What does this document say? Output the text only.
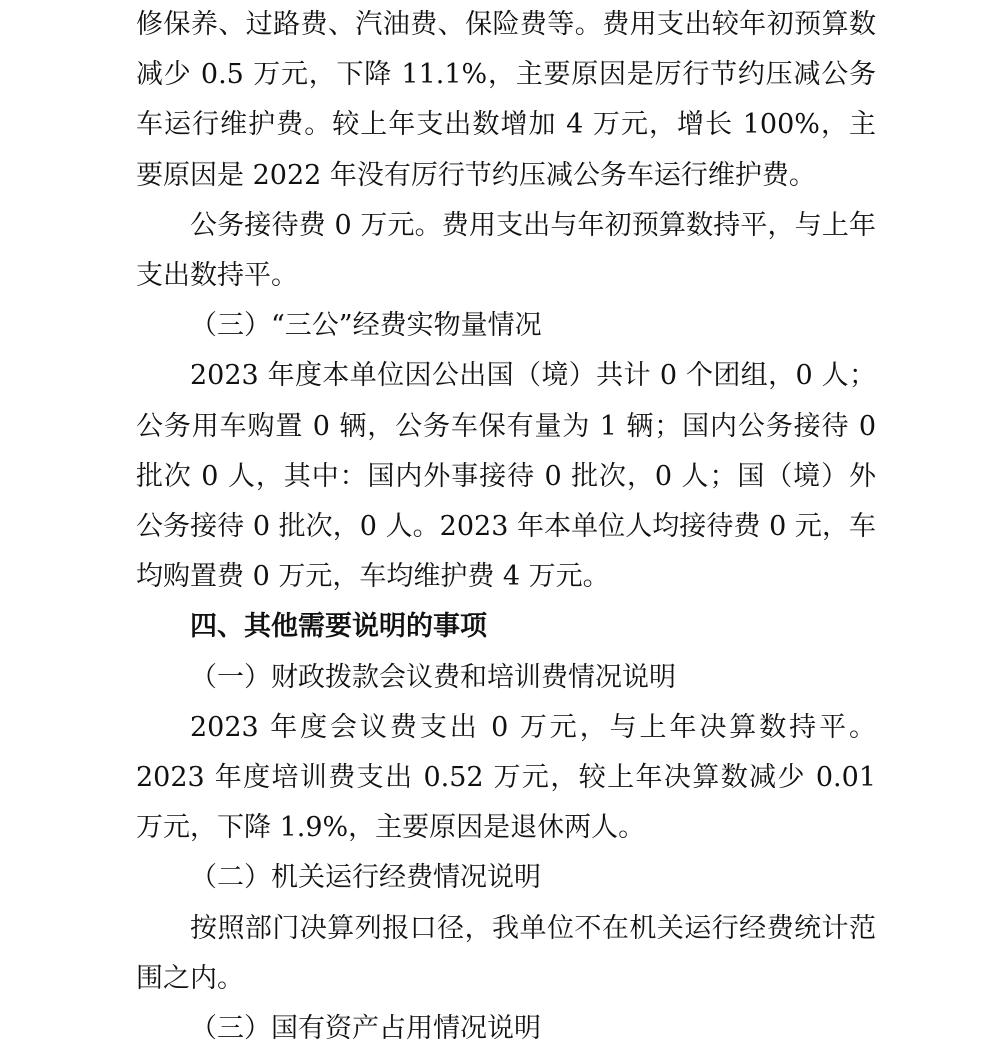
修保养、过路费、汽油费、保险费等。费用支出较年初预算数减少 0.5 万元，下降 11.1%，主要原因是厉行节约压减公务车运行维护费。较上年支出数增加 4 万元，增长 100%，主要原因是 2022 年没有厉行节约压减公务车运行维护费。

公务接待费 0 万元。费用支出与年初预算数持平，与上年支出数持平。

（三）“三公”经费实物量情况

2023 年度本单位因公出国（境）共计 0 个团组，0 人；公务用车购置 0 辆，公务车保有量为 1 辆；国内公务接待 0 批次 0 人，其中：国内外事接待 0 批次，0 人；国（境）外公务接待 0 批次，0 人。2023 年本单位人均接待费 0 元，车均购置费 0 万元，车均维护费 4 万元。

四、其他需要说明的事项

（一）财政拨款会议费和培训费情况说明

2023 年度会议费支出 0 万元，与上年决算数持平。2023 年度培训费支出 0.52 万元，较上年决算数减少 0.01 万元，下降 1.9%，主要原因是退休两人。

（二）机关运行经费情况说明

按照部门决算列报口径，我单位不在机关运行经费统计范围之内。

（三）国有资产占用情况说明
